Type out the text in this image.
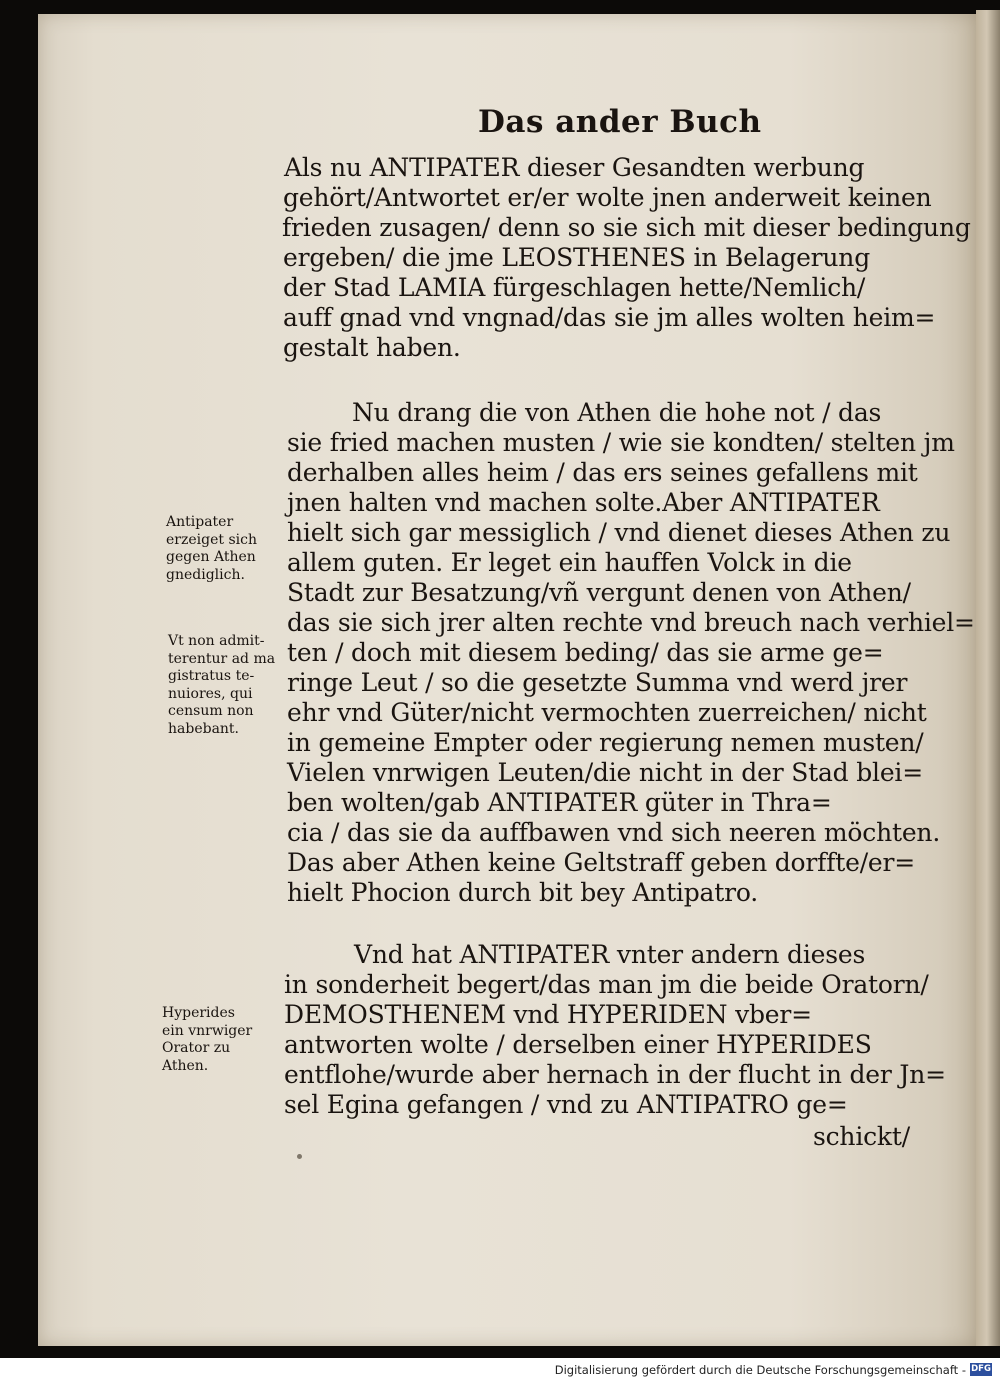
Das ander Buch

Als nu ANTIPATER dieser Gesandten werbung

gehört/Antwortet er/er wolte jnen anderweit keinen

frieden zusagen/ denn so sie sich mit dieser bedingung

ergeben/ die jme LEOSTHENES in Belagerung

der Stad LAMIA fürgeschlagen hette/Nemlich/

auff gnad vnd vngnad/das sie jm alles wolten heim=

gestalt haben.

Nu drang die von Athen die hohe not / das

sie fried machen musten / wie sie kondten/ stelten jm

derhalben alles heim / das ers seines gefallens mit

jnen halten vnd machen solte.Aber ANTIPATER

hielt sich gar messiglich / vnd dienet dieses Athen zu

allem guten. Er leget ein hauffen Volck in die

Stadt zur Besatzung/vñ vergunt denen von Athen/

das sie sich jrer alten rechte vnd breuch nach verhiel=

ten / doch mit diesem beding/ das sie arme ge=

ringe Leut / so die gesetzte Summa vnd werd jrer

ehr vnd Güter/nicht vermochten zuerreichen/ nicht

in gemeine Empter oder regierung nemen musten/

Vielen vnrwigen Leuten/die nicht in der Stad blei=

ben wolten/gab ANTIPATER güter in Thra=

cia / das sie da auffbawen vnd sich neeren möchten.

Das aber Athen keine Geltstraff geben dorffte/er=

hielt Phocion durch bit bey Antipatro.

Vnd hat ANTIPATER vnter andern dieses

in sonderheit begert/das man jm die beide Oratorn/

DEMOSTHENEM vnd HYPERIDEN vber=

antworten wolte / derselben einer HYPERIDES

entflohe/wurde aber hernach in der flucht in der Jn=

sel Egina gefangen / vnd zu ANTIPATRO ge=

schickt/

Antipater
erzeiget sich
gegen Athen
gnediglich.
Vt non admit-
terentur ad ma
gistratus te-
nuiores, qui
censum non
habebant.
Hyperides
ein vnrwiger
Orator zu
Athen.
Digitalisierung gefördert durch die Deutsche Forschungsgemeinschaft - DFG
